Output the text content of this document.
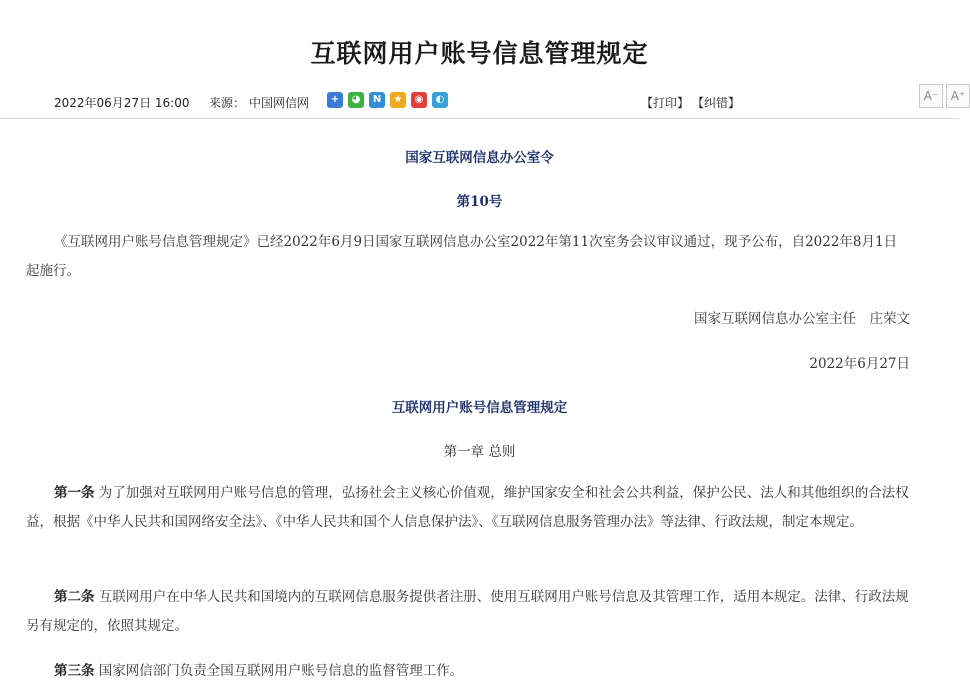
互联网用户账号信息管理规定
2022年06月27日 16:00 来源： 中国网信网	+	◕	N	★	◉	◐	【打印】 【纠错】	A⁻	A⁺
国家互联网信息办公室令
第10号
《互联网用户账号信息管理规定》已经2022年6月9日国家互联网信息办公室2022年第11次室务会议审议通过，现予公布，自2022年8月1日起施行。
国家互联网信息办公室主任　庄荣文
2022年6月27日
互联网用户账号信息管理规定
第一章 总则
第一条 为了加强对互联网用户账号信息的管理，弘扬社会主义核心价值观，维护国家安全和社会公共利益，保护公民、法人和其他组织的合法权益，根据《中华人民共和国网络安全法》、《中华人民共和国个人信息保护法》、《互联网信息服务管理办法》等法律、行政法规，制定本规定。
第二条 互联网用户在中华人民共和国境内的互联网信息服务提供者注册、使用互联网用户账号信息及其管理工作，适用本规定。法律、行政法规另有规定的，依照其规定。
第三条 国家网信部门负责全国互联网用户账号信息的监督管理工作。
